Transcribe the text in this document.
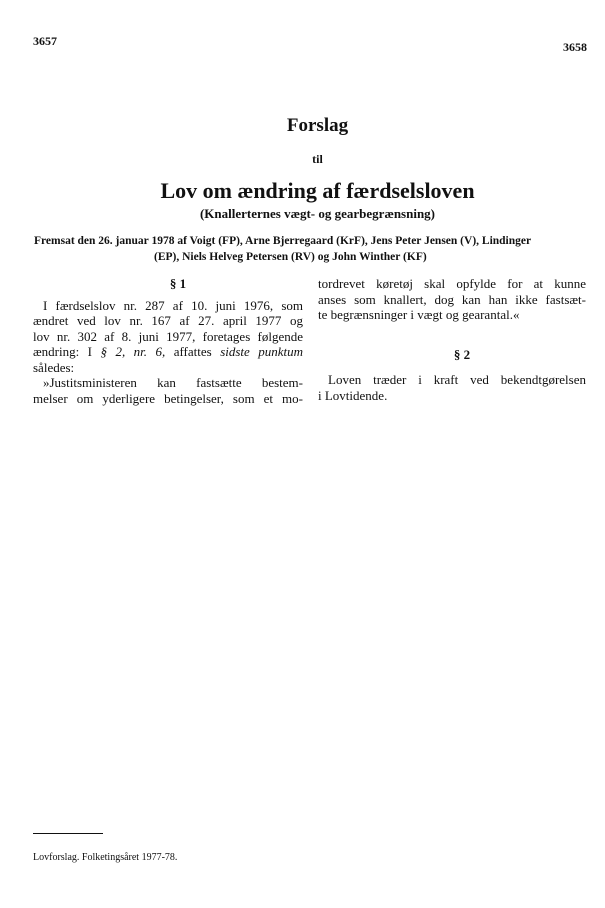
3657	3658
Forslag
til
Lov om ændring af færdselsloven
(Knallerternes vægt- og gearbegrænsning)
Fremsat den 26. januar 1978 af Voigt (FP), Arne Bjerregaard (KrF), Jens Peter Jensen (V), Lindinger
(EP), Niels Helveg Petersen (RV) og John Winther (KF)
§ 1
I færdselslov nr. 287 af 10. juni 1976, som
ændret ved lov nr. 167 af 27. april 1977 og
lov nr. 302 af 8. juni 1977, foretages følgende
ændring: I § 2, nr. 6, affattes sidste punktum
således:
»Justitsministeren kan fastsætte bestem-
melser om yderligere betingelser, som et mo-
tordrevet køretøj skal opfylde for at kunne
anses som knallert, dog kan han ikke fastsæt-
te begrænsninger i vægt og gearantal.«
§ 2
Loven træder i kraft ved bekendtgørelsen
i Lovtidende.
Lovforslag. Folketingsåret 1977-78.
